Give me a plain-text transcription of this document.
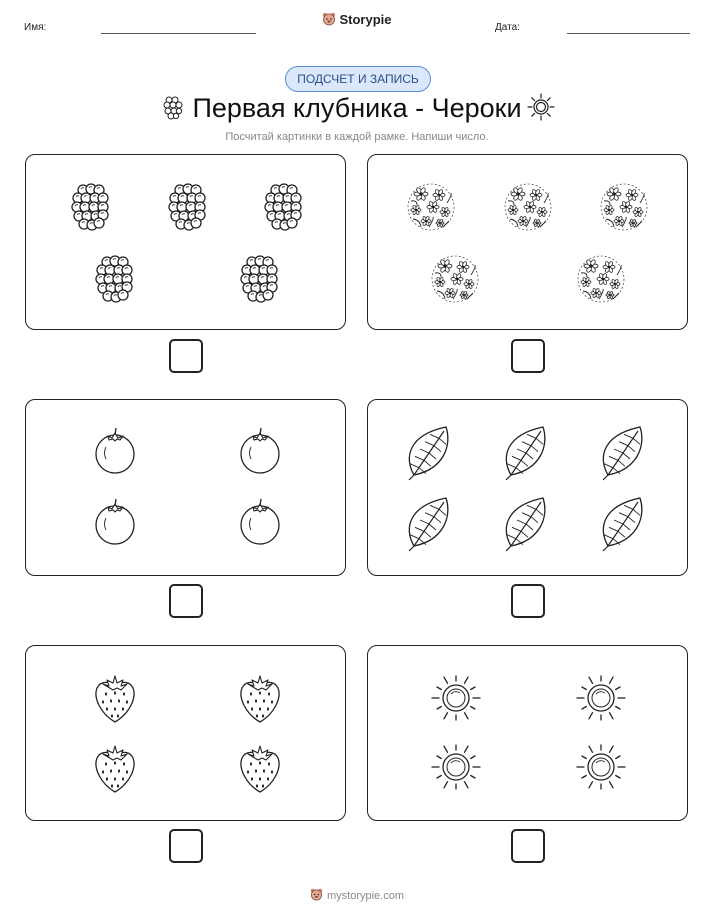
Имя:
Storypie
Дата:
ПОДСЧЕТ И ЗАПИСЬ
Первая клубника - Чероки
Посчитай картинки в каждой рамке. Напиши число.
mystorypie.com
